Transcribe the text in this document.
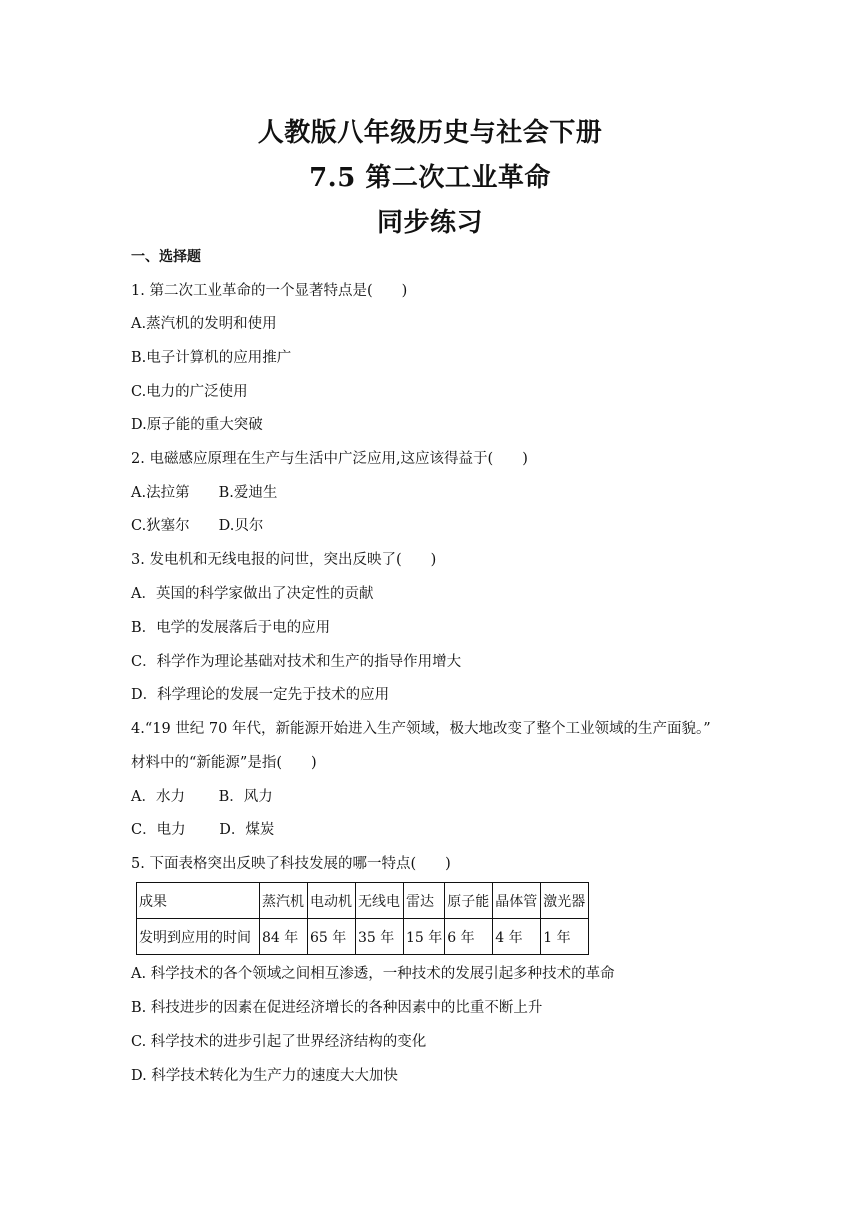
人教版八年级历史与社会下册
7.5 第二次工业革命
同步练习
一、选择题
1. 第二次工业革命的一个显著特点是(　　)
A.蒸汽机的发明和使用
B.电子计算机的应用推广
C.电力的广泛使用
D.原子能的重大突破
2. 电磁感应原理在生产与生活中广泛应用,这应该得益于(　　)
A.法拉第　　B.爱迪生
C.狄塞尔　　D.贝尔
3. 发电机和无线电报的问世，突出反映了(　　)
A．英国的科学家做出了决定性的贡献
B．电学的发展落后于电的应用
C．科学作为理论基础对技术和生产的指导作用增大
D．科学理论的发展一定先于技术的应用
4.“19 世纪 70 年代，新能源开始进入生产领域，极大地改变了整个工业领域的生产面貌。”
材料中的“新能源”是指(　　)
A．水力　　 B．风力
C．电力　　 D．煤炭
5. 下面表格突出反映了科技发展的哪一特点(　　)
成果	蒸汽机	电动机	无线电	雷达	原子能	晶体管	激光器
发明到应用的时间	84 年	65 年	35 年	15 年	6 年	4 年	1 年
A. 科学技术的各个领域之间相互渗透，一种技术的发展引起多种技术的革命
B. 科技进步的因素在促进经济增长的各种因素中的比重不断上升
C. 科学技术的进步引起了世界经济结构的变化
D. 科学技术转化为生产力的速度大大加快
